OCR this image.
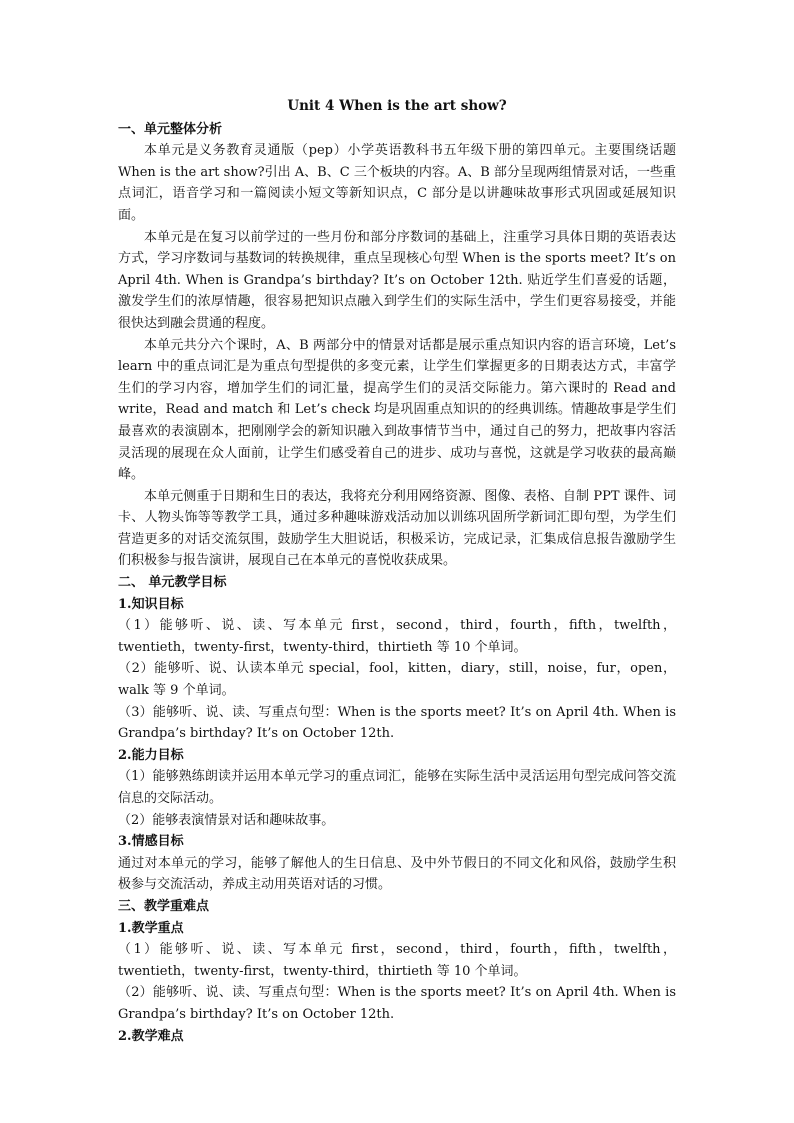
Unit 4 When is the art show?
一、单元整体分析

本单元是义务教育灵通版（pep）小学英语教科书五年级下册的第四单元。主要围绕话题 When is the art show?引出 A、B、C 三个板块的内容。A、B 部分呈现两组情景对话，一些重点词汇，语音学习和一篇阅读小短文等新知识点，C 部分是以讲趣味故事形式巩固或延展知识面。

本单元是在复习以前学过的一些月份和部分序数词的基础上，注重学习具体日期的英语表达方式，学习序数词与基数词的转换规律，重点呈现核心句型 When is the sports meet? It’s on April 4th. When is Grandpa’s birthday? It’s on October 12th. 贴近学生们喜爱的话题，激发学生们的浓厚情趣，很容易把知识点融入到学生们的实际生活中，学生们更容易接受，并能很快达到融会贯通的程度。

本单元共分六个课时，A、B 两部分中的情景对话都是展示重点知识内容的语言环境，Let’s learn 中的重点词汇是为重点句型提供的多变元素，让学生们掌握更多的日期表达方式，丰富学生们的学习内容，增加学生们的词汇量，提高学生们的灵活交际能力。第六课时的 Read and write，Read and match 和 Let’s check 均是巩固重点知识的的经典训练。情趣故事是学生们最喜欢的表演剧本，把刚刚学会的新知识融入到故事情节当中，通过自己的努力，把故事内容活灵活现的展现在众人面前，让学生们感受着自己的进步、成功与喜悦，这就是学习收获的最高巅峰。

本单元侧重于日期和生日的表达，我将充分利用网络资源、图像、表格、自制 PPT 课件、词卡、人物头饰等等教学工具，通过多种趣味游戏活动加以训练巩固所学新词汇即句型，为学生们营造更多的对话交流氛围，鼓励学生大胆说话，积极采访，完成记录，汇集成信息报告激励学生们积极参与报告演讲，展现自己在本单元的喜悦收获成果。

二、 单元教学目标
1.知识目标

（1）能够听、说、读、写本单元 first，second，third，fourth，fifth，twelfth，twentieth，twenty-first，twenty-third，thirtieth 等 10 个单词。

（2）能够听、说、认读本单元 special，fool，kitten，diary，still，noise，fur，open，walk 等 9 个单词。

（3）能够听、说、读、写重点句型：When is the sports meet? It’s on April 4th. When is Grandpa’s birthday? It’s on October 12th.

2.能力目标

（1）能够熟练朗读并运用本单元学习的重点词汇，能够在实际生活中灵活运用句型完成问答交流信息的交际活动。

（2）能够表演情景对话和趣味故事。

3.情感目标

通过对本单元的学习，能够了解他人的生日信息、及中外节假日的不同文化和风俗，鼓励学生积极参与交流活动，养成主动用英语对话的习惯。

三、教学重难点
1.教学重点

（1）能够听、说、读、写本单元 first，second，third，fourth，fifth，twelfth，twentieth，twenty-first，twenty-third，thirtieth 等 10 个单词。

（2）能够听、说、读、写重点句型：When is the sports meet? It’s on April 4th. When is Grandpa’s birthday? It’s on October 12th.

2.教学难点
